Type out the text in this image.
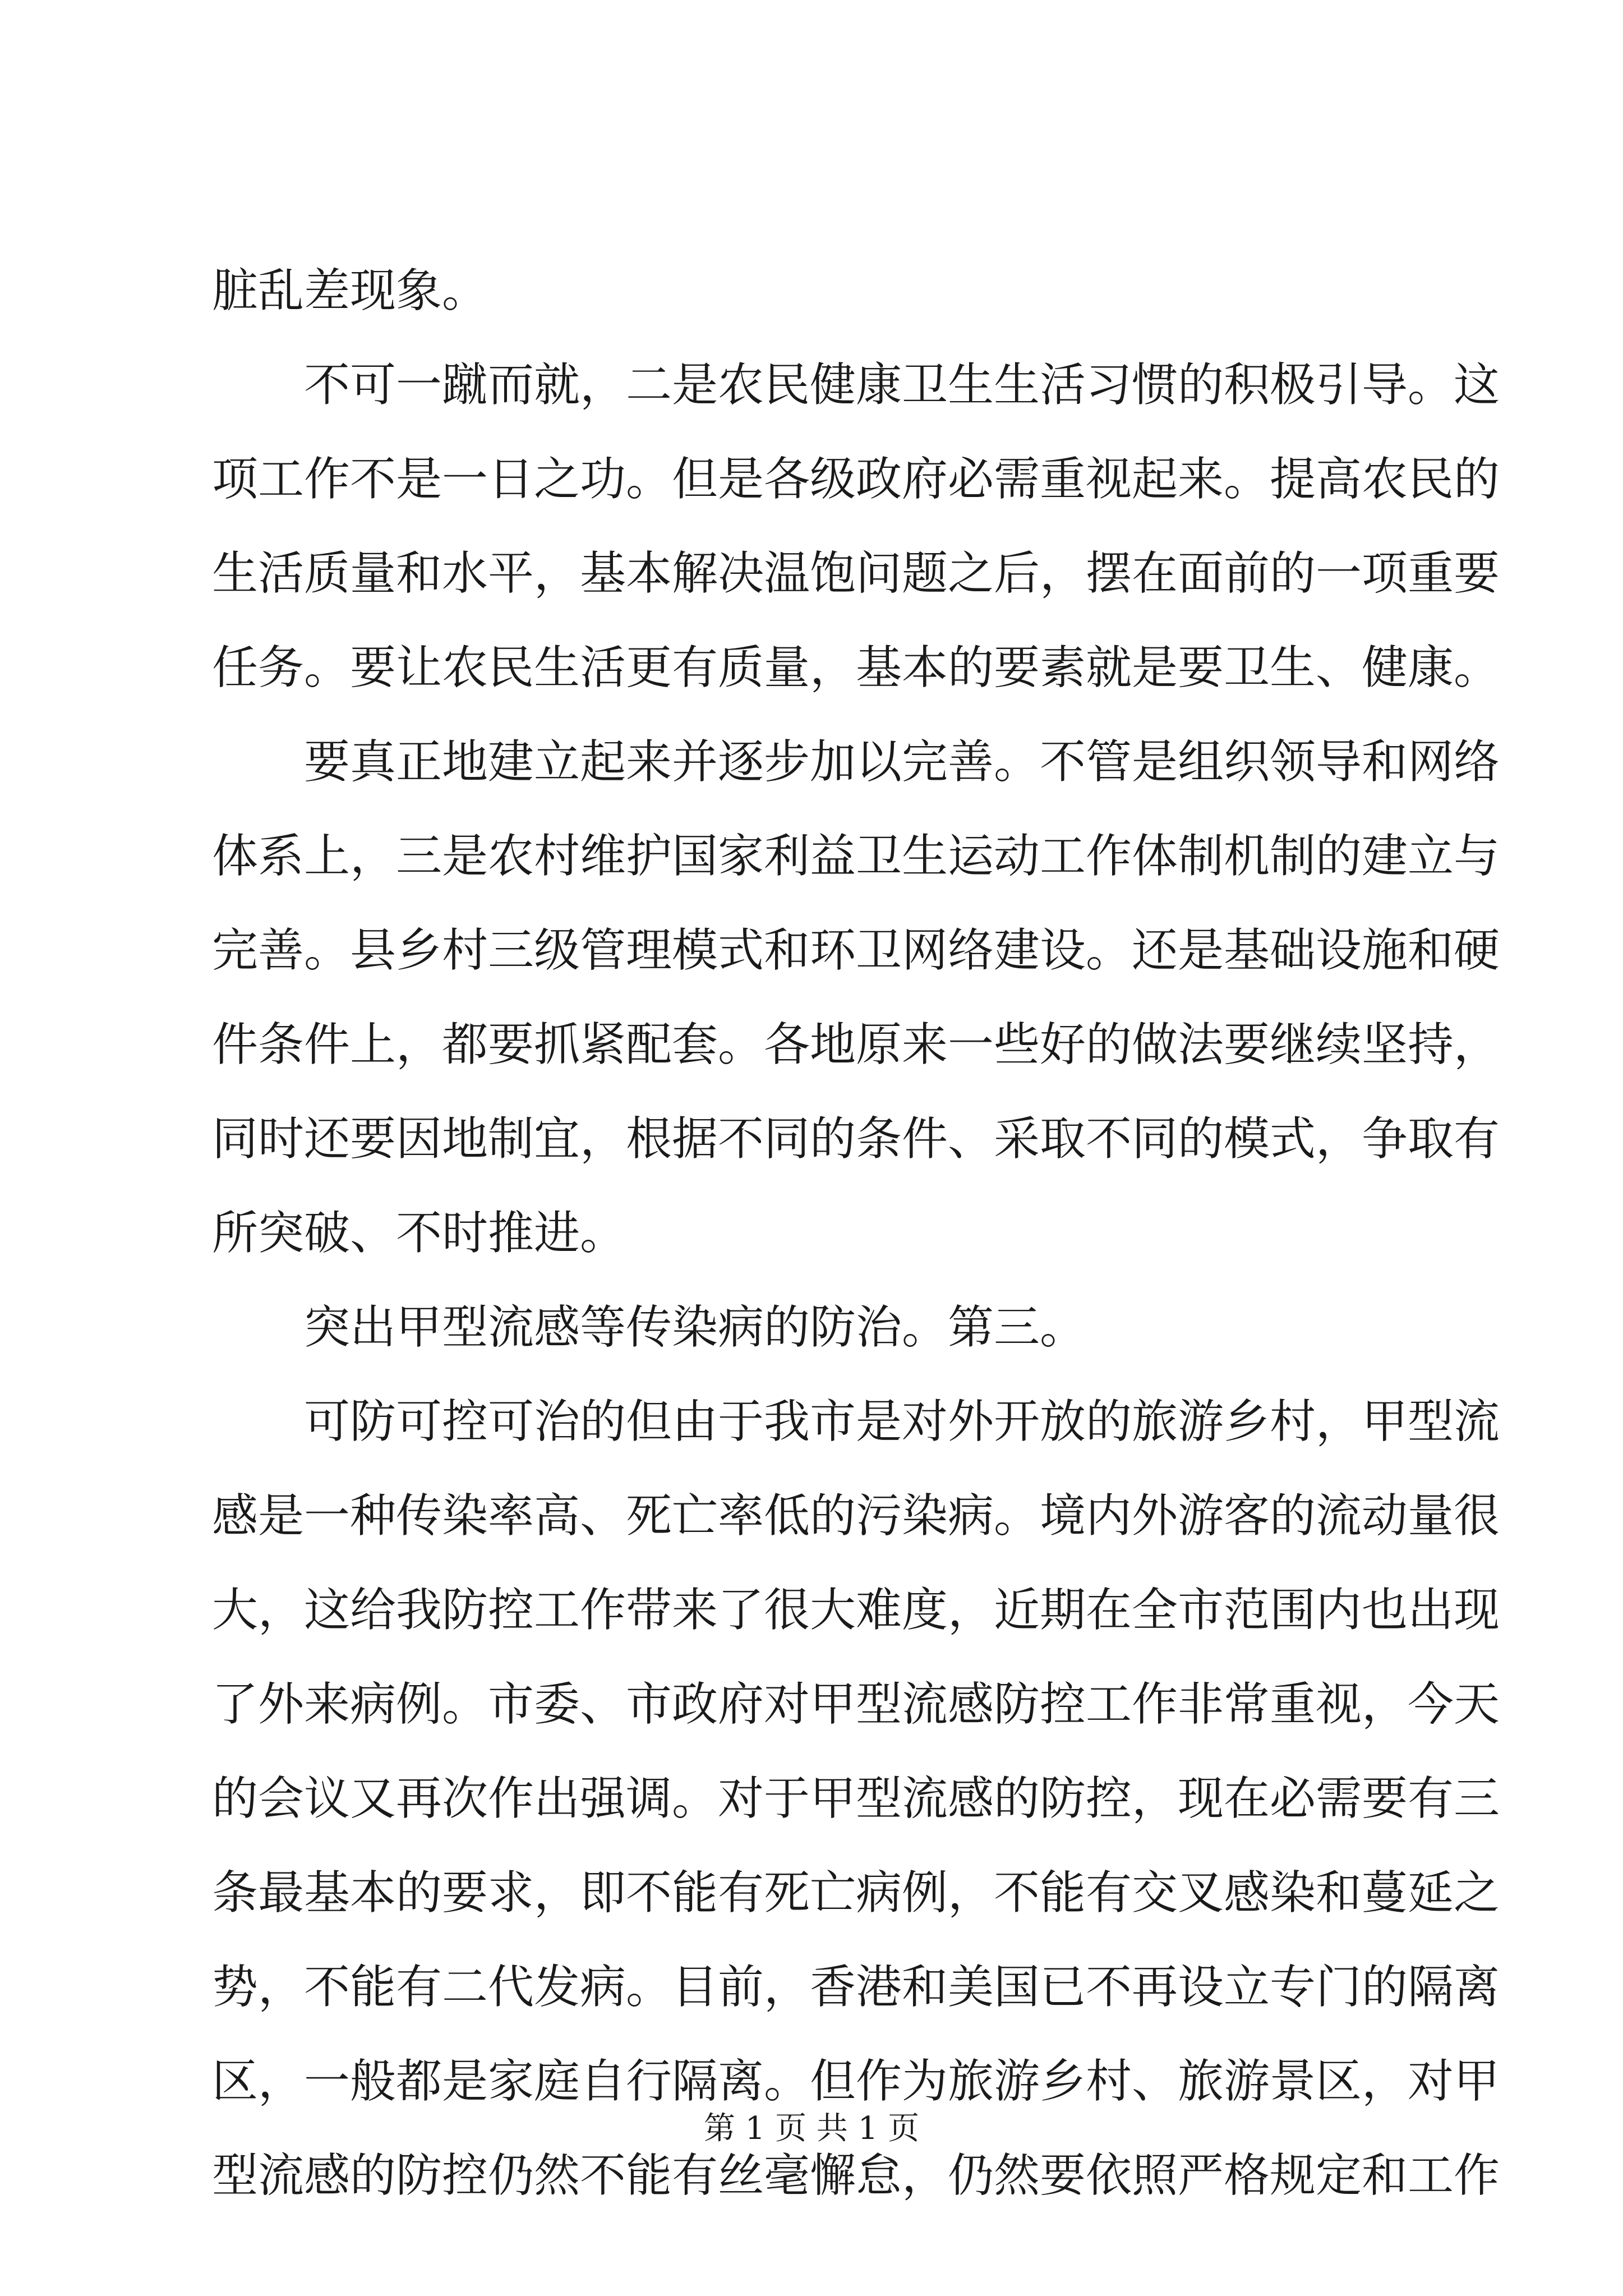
脏乱差现象。
不可一蹴而就，二是农民健康卫生生活习惯的积极引导。这
项工作不是一日之功。但是各级政府必需重视起来。提高农民的
生活质量和水平，基本解决温饱问题之后，摆在面前的一项重要
任务。要让农民生活更有质量，基本的要素就是要卫生、健康。
要真正地建立起来并逐步加以完善。不管是组织领导和网络
体系上，三是农村维护国家利益卫生运动工作体制机制的建立与
完善。县乡村三级管理模式和环卫网络建设。还是基础设施和硬
件条件上，都要抓紧配套。各地原来一些好的做法要继续坚持，
同时还要因地制宜，根据不同的条件、采取不同的模式，争取有
所突破、不时推进。
突出甲型流感等传染病的防治。第三。
可防可控可治的但由于我市是对外开放的旅游乡村，甲型流
感是一种传染率高、死亡率低的污染病。境内外游客的流动量很
大，这给我防控工作带来了很大难度，近期在全市范围内也出现
了外来病例。市委、市政府对甲型流感防控工作非常重视，今天
的会议又再次作出强调。对于甲型流感的防控，现在必需要有三
条最基本的要求，即不能有死亡病例，不能有交叉感染和蔓延之
势，不能有二代发病。目前，香港和美国已不再设立专门的隔离
区，一般都是家庭自行隔离。但作为旅游乡村、旅游景区，对甲
型流感的防控仍然不能有丝毫懈怠，仍然要依照严格规定和工作
第 1 页 共 1 页
